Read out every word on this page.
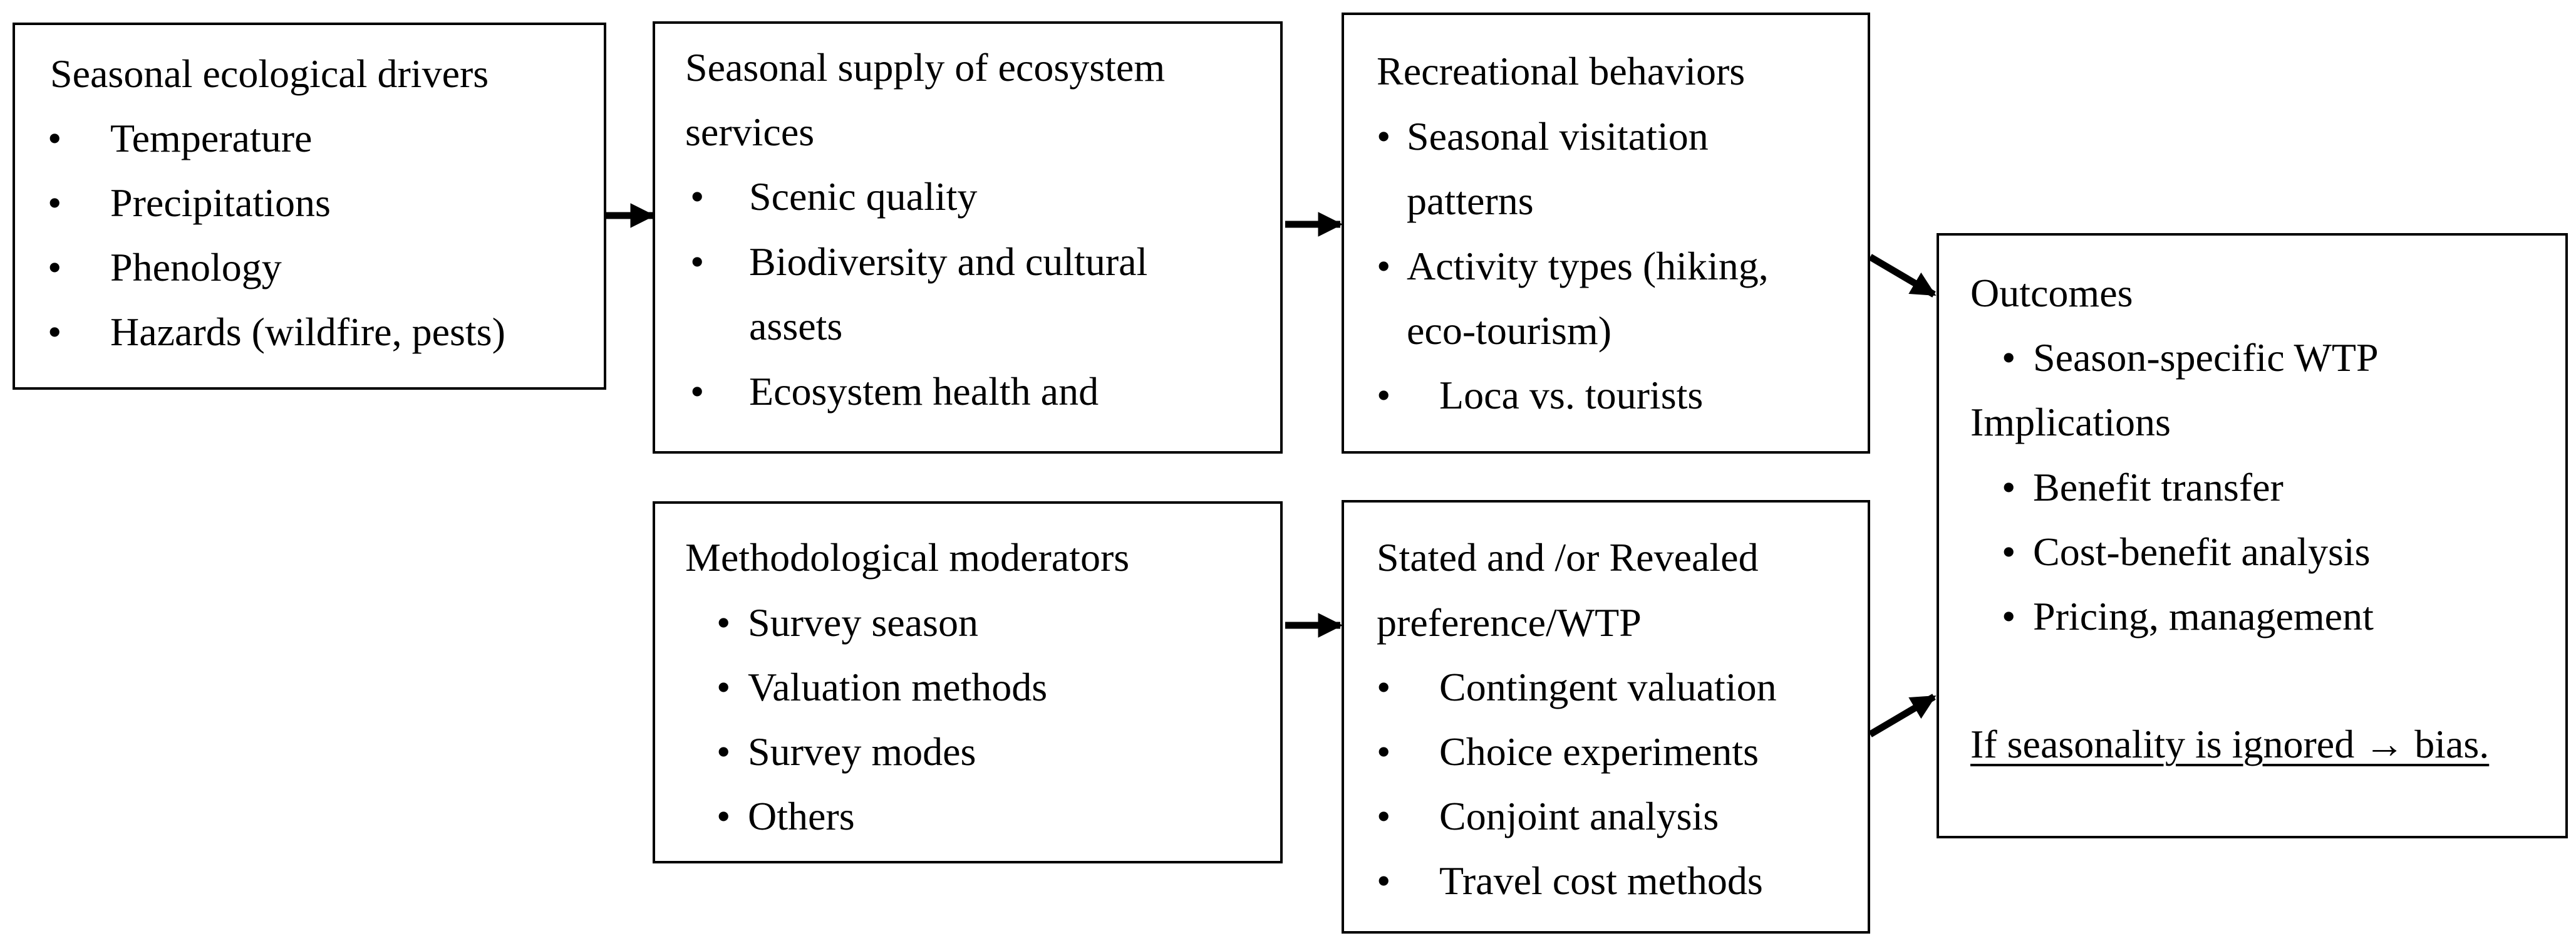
Seasonal ecological drivers
• Temperature
• Precipitations
• Phenology
• Hazards (wildfire, pests)
Seasonal supply of ecosystem
services
• Scenic quality
• Biodiversity and cultural
assets
• Ecosystem health and
Recreational behaviors
• Seasonal visitation
patterns
• Activity types (hiking,
eco-tourism)
• Loca vs. tourists
Methodological moderators
• Survey season
• Valuation methods
• Survey modes
• Others
Stated and /or Revealed
preference/WTP
• Contingent valuation
• Choice experiments
• Conjoint analysis
• Travel cost methods
Outcomes
• Season-specific WTP
Implications
• Benefit transfer
• Cost-benefit analysis
• Pricing, management
If seasonality is ignored → bias.
